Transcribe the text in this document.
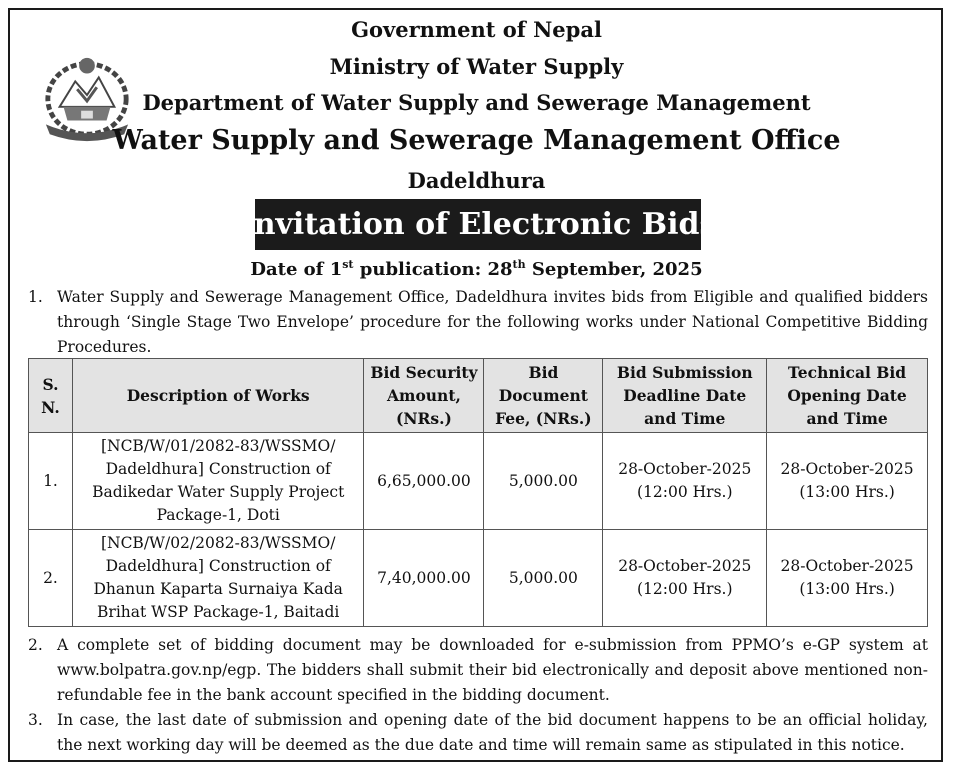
Government of Nepal
Ministry of Water Supply
Department of Water Supply and Sewerage Management
Water Supply and Sewerage Management Office
Dadeldhura
Invitation of Electronic Bids
Date of 1st publication: 28th September, 2025
1. Water Supply and Sewerage Management Office, Dadeldhura invites bids from Eligible and qualified bidders through ‘Single Stage Two Envelope’ procedure for the following works under National Competitive Bidding Procedures.
S. N.	Description of Works	Bid Security Amount, (NRs.)	Bid Document Fee, (NRs.)	Bid Submission Deadline Date and Time	Technical Bid Opening Date and Time
1.	[NCB/W/01/2082-83/WSSMO/ Dadeldhura] Construction of Badikedar Water Supply Project Package-1, Doti	6,65,000.00	5,000.00	28-October-2025 (12:00 Hrs.)	28-October-2025 (13:00 Hrs.)
2.	[NCB/W/02/2082-83/WSSMO/ Dadeldhura] Construction of Dhanun Kaparta Surnaiya Kada Brihat WSP Package-1, Baitadi	7,40,000.00	5,000.00	28-October-2025 (12:00 Hrs.)	28-October-2025 (13:00 Hrs.)
2. A complete set of bidding document may be downloaded for e-submission from PPMO’s e-GP system at www.bolpatra.gov.np/egp. The bidders shall submit their bid electronically and deposit above mentioned non-refundable fee in the bank account specified in the bidding document.
3. In case, the last date of submission and opening date of the bid document happens to be an official holiday, the next working day will be deemed as the due date and time will remain same as stipulated in this notice.
